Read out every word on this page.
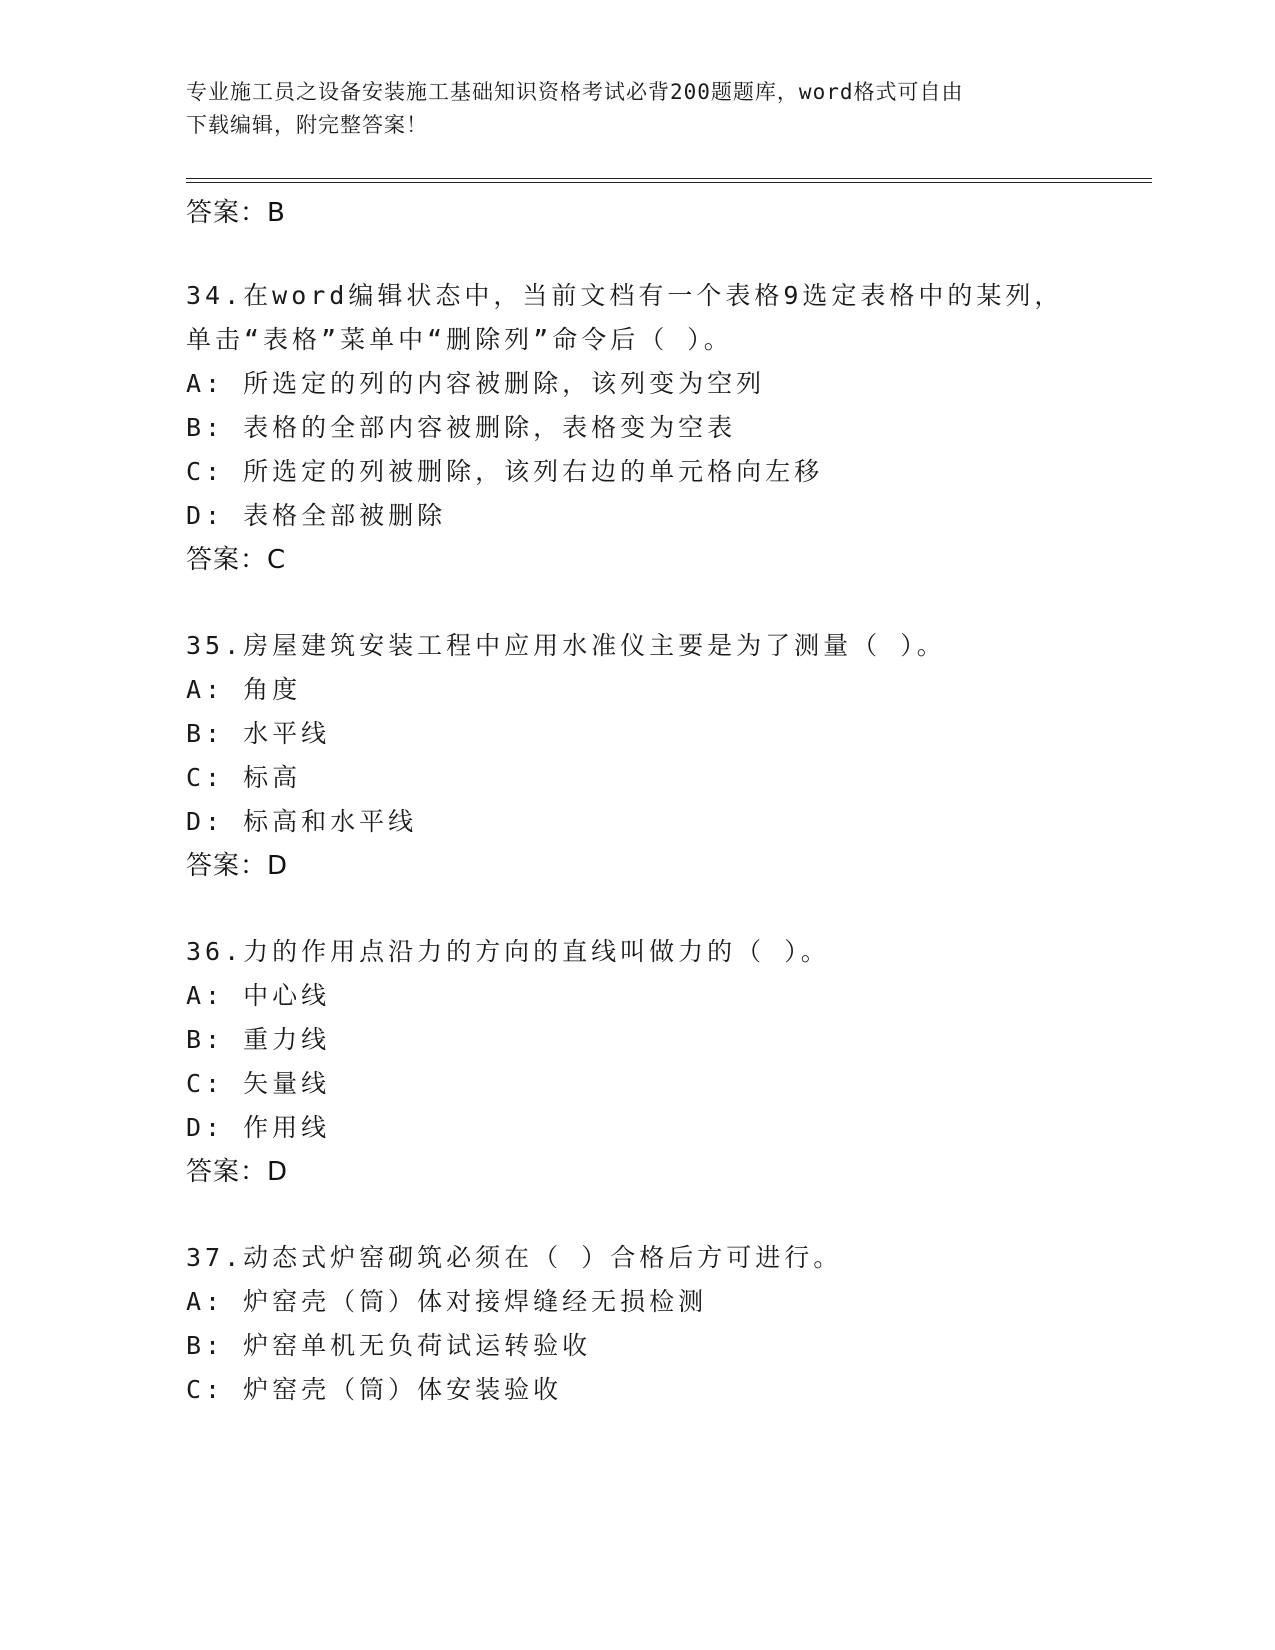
专业施工员之设备安装施工基础知识资格考试必背200题题库，word格式可自由
下载编辑，附完整答案！
答案：B
34.在word编辑状态中，当前文档有一个表格9选定表格中的某列，
单击“表格”菜单中“删除列”命令后（ ）。
A: 所选定的列的内容被删除，该列变为空列
B: 表格的全部内容被删除，表格变为空表
C: 所选定的列被删除，该列右边的单元格向左移
D: 表格全部被删除
答案：C
35.房屋建筑安装工程中应用水准仪主要是为了测量（ ）。
A: 角度
B: 水平线
C: 标高
D: 标高和水平线
答案：D
36.力的作用点沿力的方向的直线叫做力的（ ）。
A: 中心线
B: 重力线
C: 矢量线
D: 作用线
答案：D
37.动态式炉窑砌筑必须在（ ）合格后方可进行。
A: 炉窑壳（筒）体对接焊缝经无损检测
B: 炉窑单机无负荷试运转验收
C: 炉窑壳（筒）体安装验收
